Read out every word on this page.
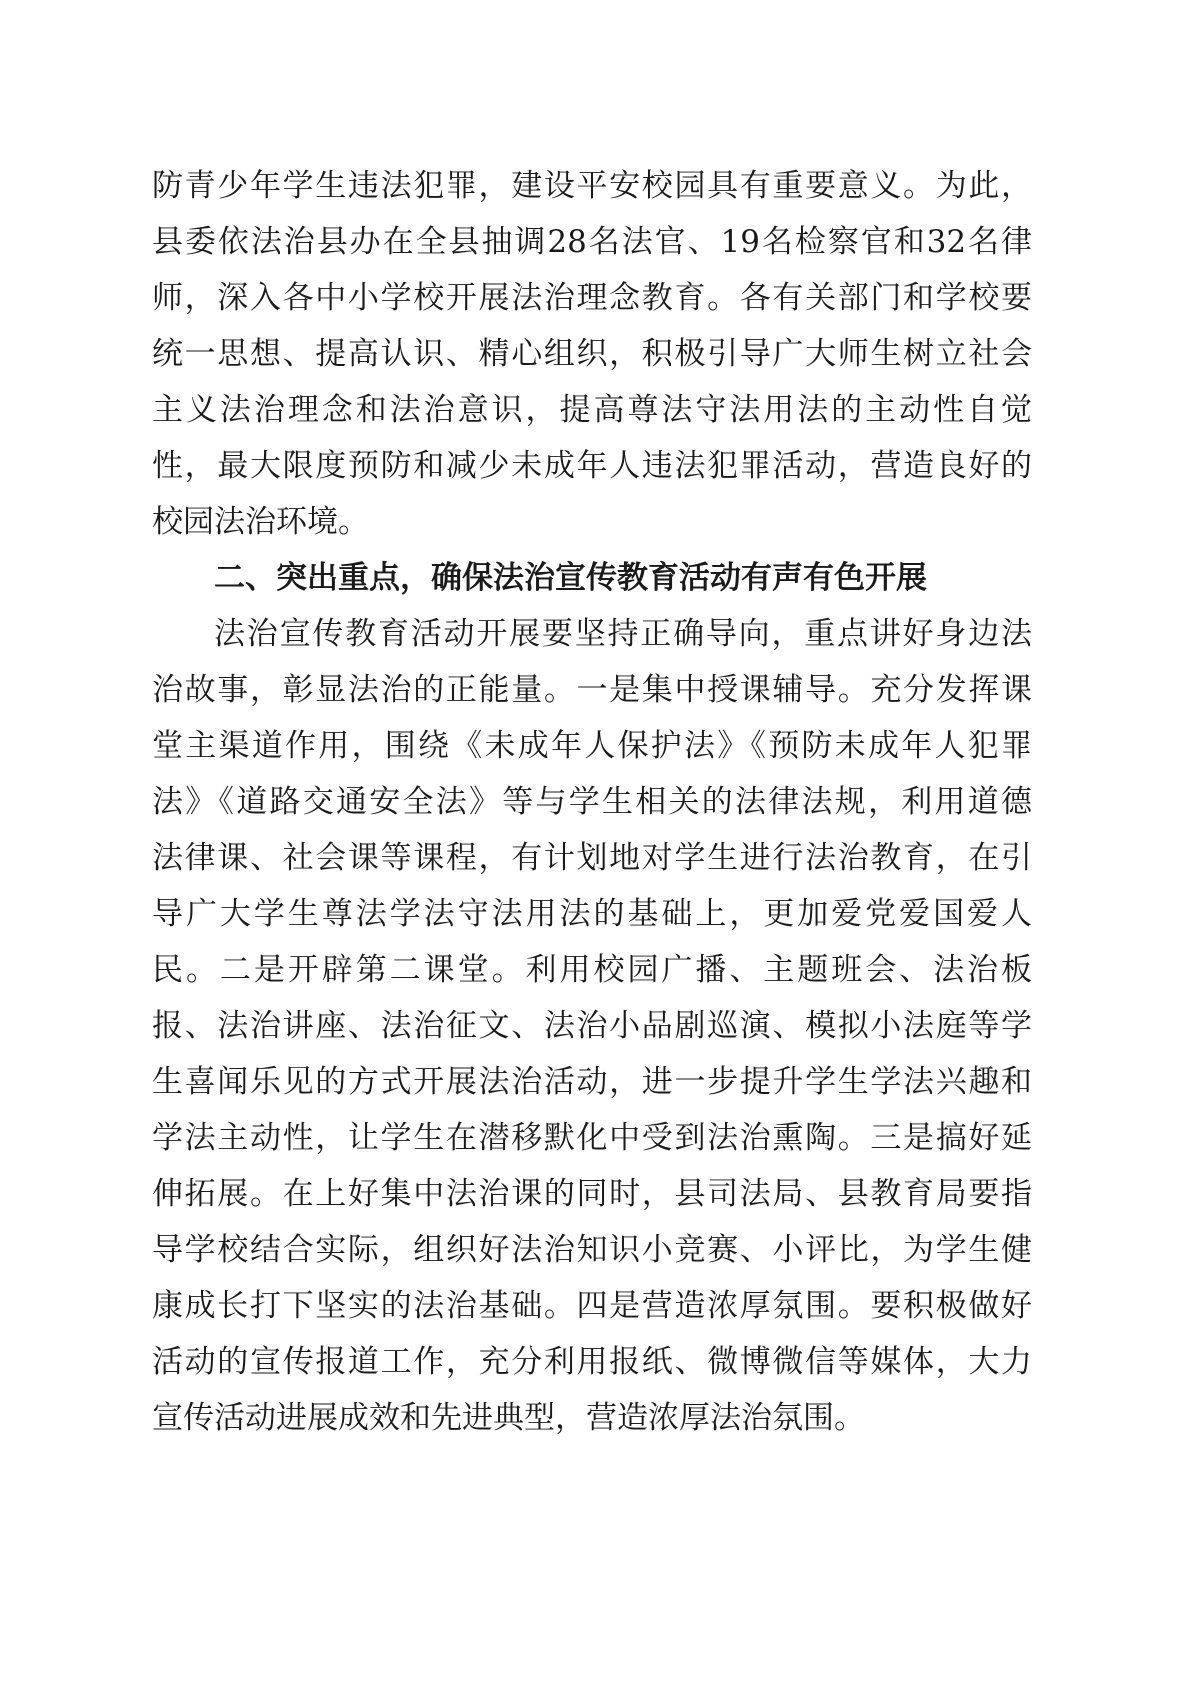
防青少年学生违法犯罪，建设平安校园具有重要意义。为此，
县委依法治县办在全县抽调28名法官、19名检察官和32名律
师，深入各中小学校开展法治理念教育。各有关部门和学校要
统一思想、提高认识、精心组织，积极引导广大师生树立社会
主义法治理念和法治意识，提高尊法守法用法的主动性自觉
性，最大限度预防和减少未成年人违法犯罪活动，营造良好的
校园法治环境。
二、突出重点，确保法治宣传教育活动有声有色开展
法治宣传教育活动开展要坚持正确导向，重点讲好身边法
治故事，彰显法治的正能量。一是集中授课辅导。充分发挥课
堂主渠道作用，围绕《未成年人保护法》《预防未成年人犯罪
法》《道路交通安全法》等与学生相关的法律法规，利用道德
法律课、社会课等课程，有计划地对学生进行法治教育，在引
导广大学生尊法学法守法用法的基础上，更加爱党爱国爱人
民。二是开辟第二课堂。利用校园广播、主题班会、法治板
报、法治讲座、法治征文、法治小品剧巡演、模拟小法庭等学
生喜闻乐见的方式开展法治活动，进一步提升学生学法兴趣和
学法主动性，让学生在潜移默化中受到法治熏陶。三是搞好延
伸拓展。在上好集中法治课的同时，县司法局、县教育局要指
导学校结合实际，组织好法治知识小竞赛、小评比，为学生健
康成长打下坚实的法治基础。四是营造浓厚氛围。要积极做好
活动的宣传报道工作，充分利用报纸、微博微信等媒体，大力
宣传活动进展成效和先进典型，营造浓厚法治氛围。
